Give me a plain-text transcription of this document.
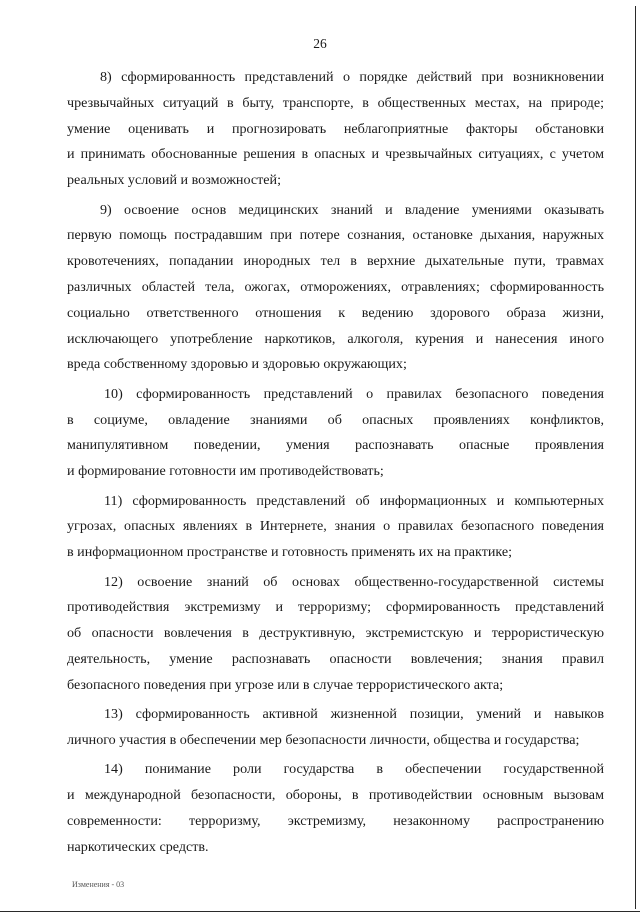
26
8) сформированность представлений о порядке действий при возникновении
чрезвычайных ситуаций в быту, транспорте, в общественных местах, на природе;
умение оценивать и прогнозировать неблагоприятные факторы обстановки
и принимать обоснованные решения в опасных и чрезвычайных ситуациях, с учетом
реальных условий и возможностей;
9) освоение основ медицинских знаний и владение умениями оказывать
первую помощь пострадавшим при потере сознания, остановке дыхания, наружных
кровотечениях, попадании инородных тел в верхние дыхательные пути, травмах
различных областей тела, ожогах, отморожениях, отравлениях; сформированность
социально ответственного отношения к ведению здорового образа жизни,
исключающего употребление наркотиков, алкоголя, курения и нанесения иного
вреда собственному здоровью и здоровью окружающих;
10) сформированность представлений о правилах безопасного поведения
в социуме, овладение знаниями об опасных проявлениях конфликтов,
манипулятивном поведении, умения распознавать опасные проявления
и формирование готовности им противодействовать;
11) сформированность представлений об информационных и компьютерных
угрозах, опасных явлениях в Интернете, знания о правилах безопасного поведения
в информационном пространстве и готовность применять их на практике;
12) освоение знаний об основах общественно-государственной системы
противодействия экстремизму и терроризму; сформированность представлений
об опасности вовлечения в деструктивную, экстремистскую и террористическую
деятельность, умение распознавать опасности вовлечения; знания правил
безопасного поведения при угрозе или в случае террористического акта;
13) сформированность активной жизненной позиции, умений и навыков
личного участия в обеспечении мер безопасности личности, общества и государства;
14) понимание роли государства в обеспечении государственной
и международной безопасности, обороны, в противодействии основным вызовам
современности: терроризму, экстремизму, незаконному распространению
наркотических средств.
Изменения - 03
